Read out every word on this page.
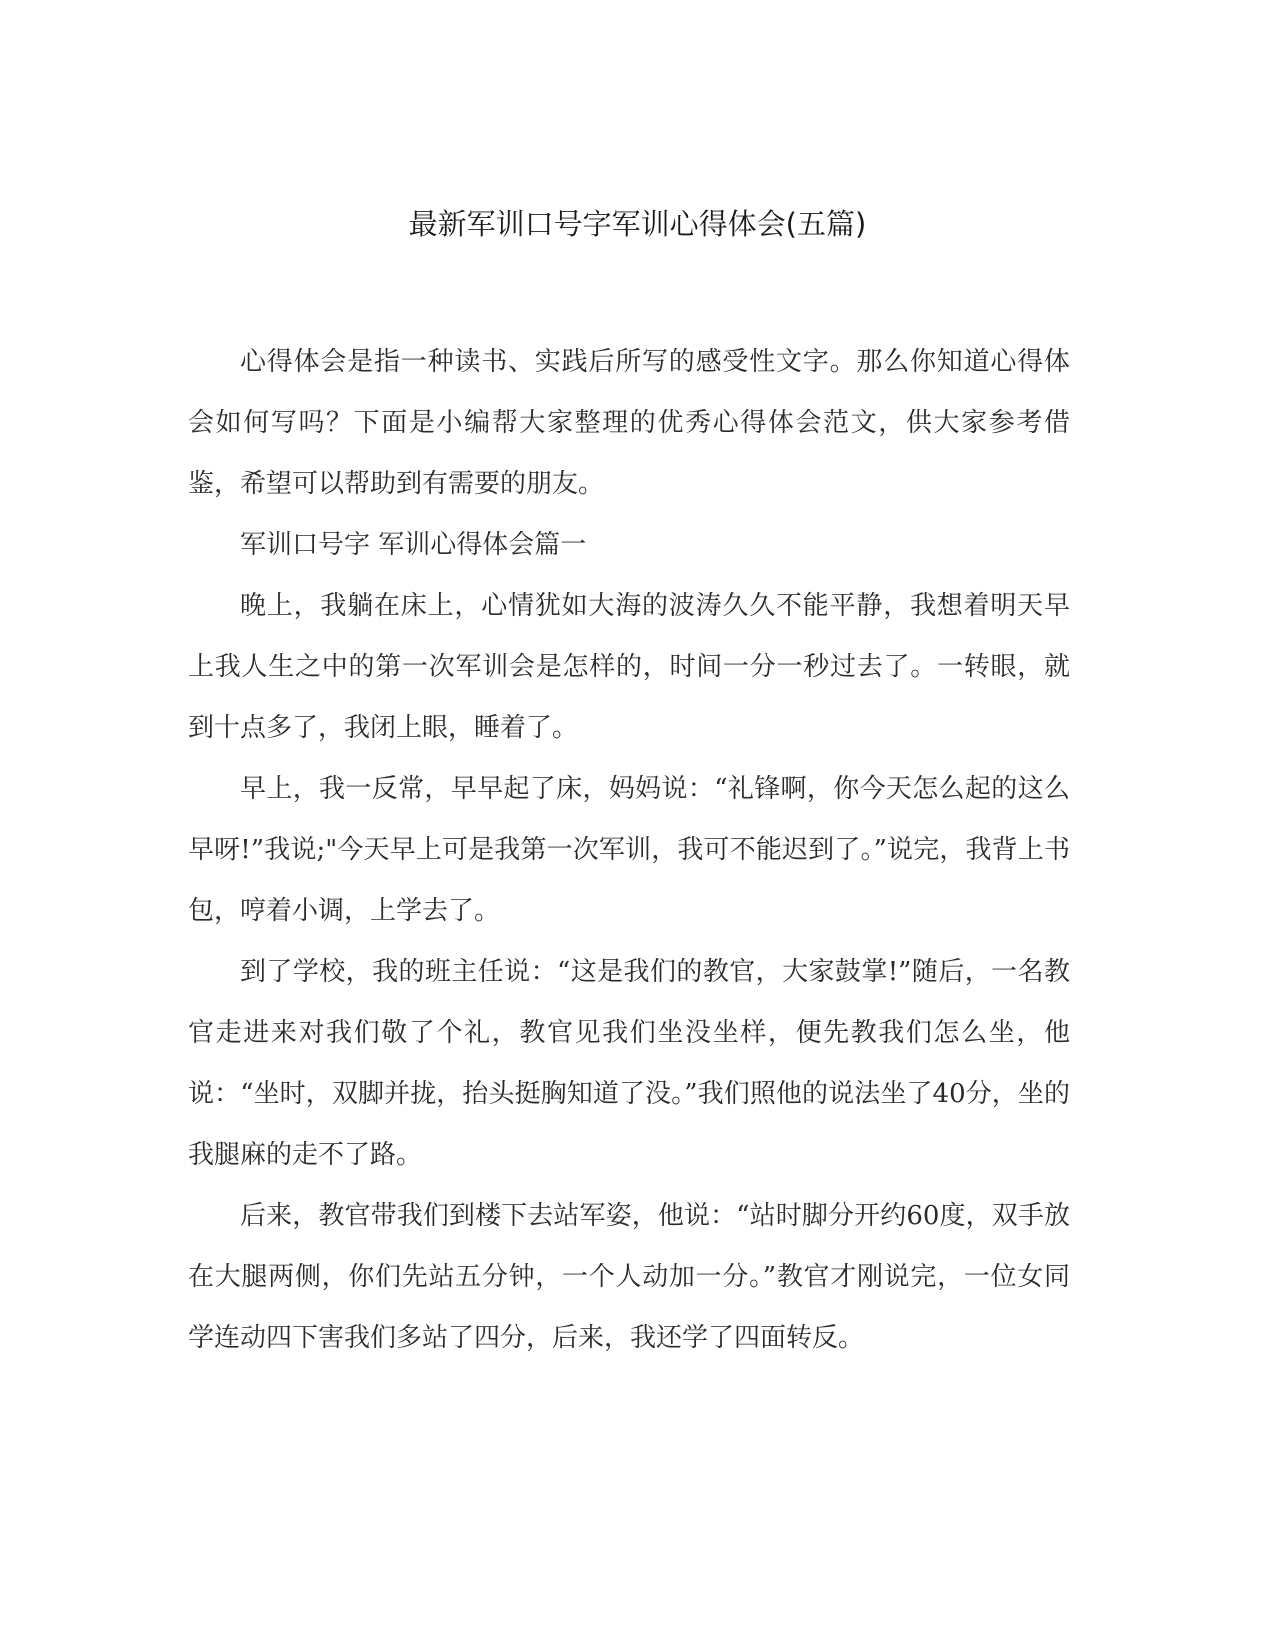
最新军训口号字军训心得体会(五篇)

心得体会是指一种读书、实践后所写的感受性文字。那么你知道心得体会如何写吗？下面是小编帮大家整理的优秀心得体会范文，供大家参考借鉴，希望可以帮助到有需要的朋友。

军训口号字 军训心得体会篇一

晚上，我躺在床上，心情犹如大海的波涛久久不能平静，我想着明天早上我人生之中的第一次军训会是怎样的，时间一分一秒过去了。一转眼，就到十点多了，我闭上眼，睡着了。

早上，我一反常，早早起了床，妈妈说：“礼锋啊，你今天怎么起的这么早呀!”我说;"今天早上可是我第一次军训，我可不能迟到了。”说完，我背上书包，哼着小调，上学去了。

到了学校，我的班主任说：“这是我们的教官，大家鼓掌!”随后，一名教官走进来对我们敬了个礼，教官见我们坐没坐样，便先教我们怎么坐，他说：“坐时，双脚并拢，抬头挺胸知道了没。”我们照他的说法坐了40分，坐的我腿麻的走不了路。

后来，教官带我们到楼下去站军姿，他说：“站时脚分开约60度，双手放在大腿两侧，你们先站五分钟，一个人动加一分。”教官才刚说完，一位女同学连动四下害我们多站了四分，后来，我还学了四面转反。
